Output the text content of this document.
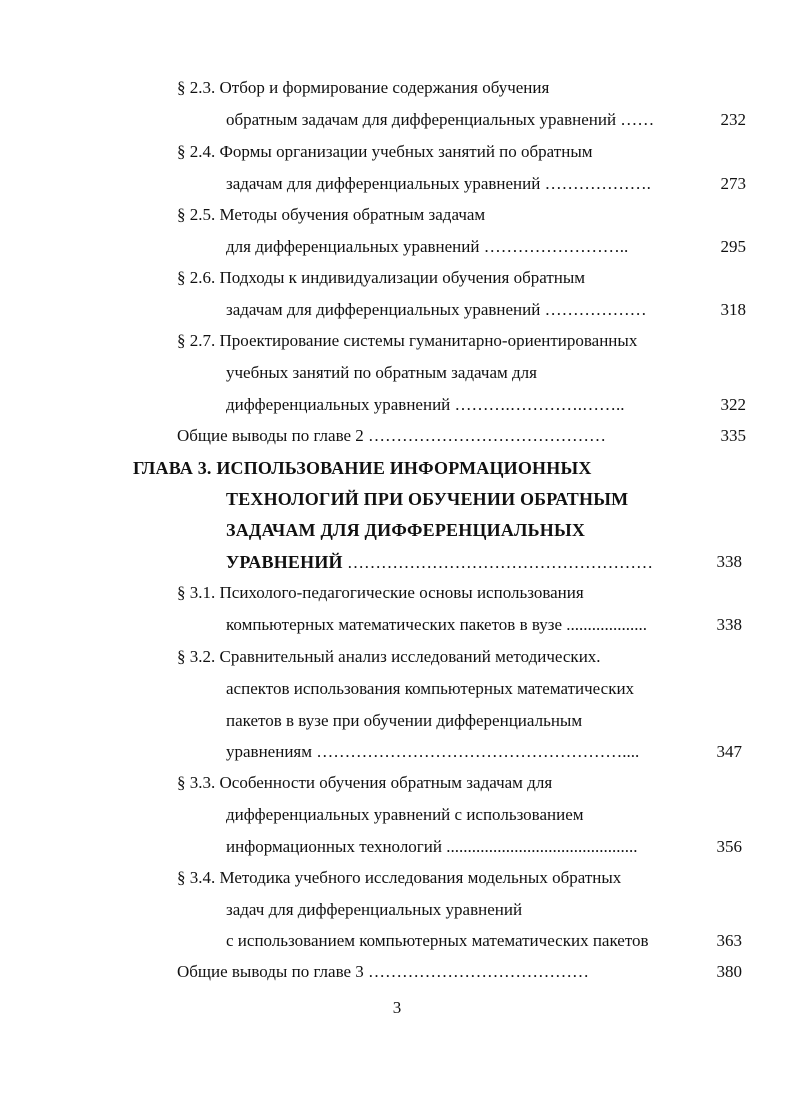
§ 2.3. Отбор и формирование содержания обучения
обратным задачам для дифференциальных уравнений ……	232
§ 2.4. Формы организации учебных занятий по обратным
задачам для дифференциальных уравнений ……………….	273
§ 2.5. Методы обучения обратным задачам
для дифференциальных уравнений ……………………..	295
§ 2.6. Подходы к индивидуализации обучения обратным
задачам для дифференциальных уравнений ………………	318
§ 2.7. Проектирование системы гуманитарно-ориентированных
учебных занятий по обратным задачам для
дифференциальных уравнений ……….………….……..	322
Общие выводы по главе 2 ……………………………………	335
ГЛАВА 3. ИСПОЛЬЗОВАНИЕ ИНФОРМАЦИОННЫХ
ТЕХНОЛОГИЙ ПРИ ОБУЧЕНИИ ОБРАТНЫМ
ЗАДАЧАМ ДЛЯ ДИФФЕРЕНЦИАЛЬНЫХ
УРАВНЕНИЙ ………………………………………………	338
§ 3.1. Психолого-педагогические основы использования
компьютерных математических пакетов в вузе ...................	338
§ 3.2. Сравнительный анализ исследований методических.
аспектов использования компьютерных математических
пакетов в вузе при обучении дифференциальным
уравнениям ………………………………………………....	347
§ 3.3. Особенности обучения обратным задачам для
дифференциальных уравнений с использованием
информационных технологий .............................................	356
§ 3.4. Методика учебного исследования модельных обратных
задач для дифференциальных уравнений
с использованием компьютерных математических пакетов	363
Общие выводы по главе 3 …………………………………	380
3
